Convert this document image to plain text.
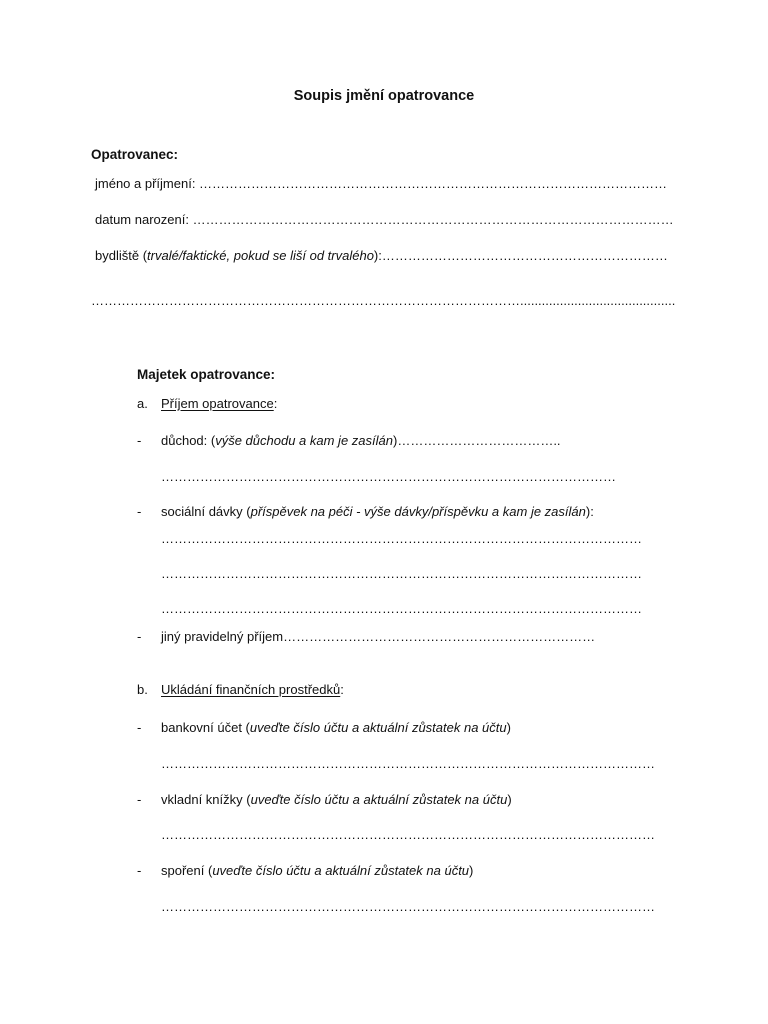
Soupis jmění opatrovance
Opatrovanec:
jméno a příjmení: ………………………………………………………………………………………………
datum narození: …………………………………………………………………………………………………
bydliště (trvalé/faktické, pokud se liší od trvalého):…………………………………………………………
………………………………………………………………………………………...........................................
Majetek opatrovance:
a. Příjem opatrovance:
- důchod: (výše důchodu a kam je zasílán)………………………………..
……………………………………………………………………………………………
- sociální dávky (příspěvek na péči - výše dávky/příspěvku a kam je zasílán):
…………………………………………………………………………………………………
…………………………………………………………………………………………………
…………………………………………………………………………………………………
- jiný pravidelný příjem………………………………………………………………
b. Ukládání finančních prostředků:
- bankovní účet (uveďte číslo účtu a aktuální zůstatek na účtu)
……………………………………………………………………………………………………
- vkladní knížky (uveďte číslo účtu a aktuální zůstatek na účtu)
……………………………………………………………………………………………………
- spoření (uveďte číslo účtu a aktuální zůstatek na účtu)
……………………………………………………………………………………………………
